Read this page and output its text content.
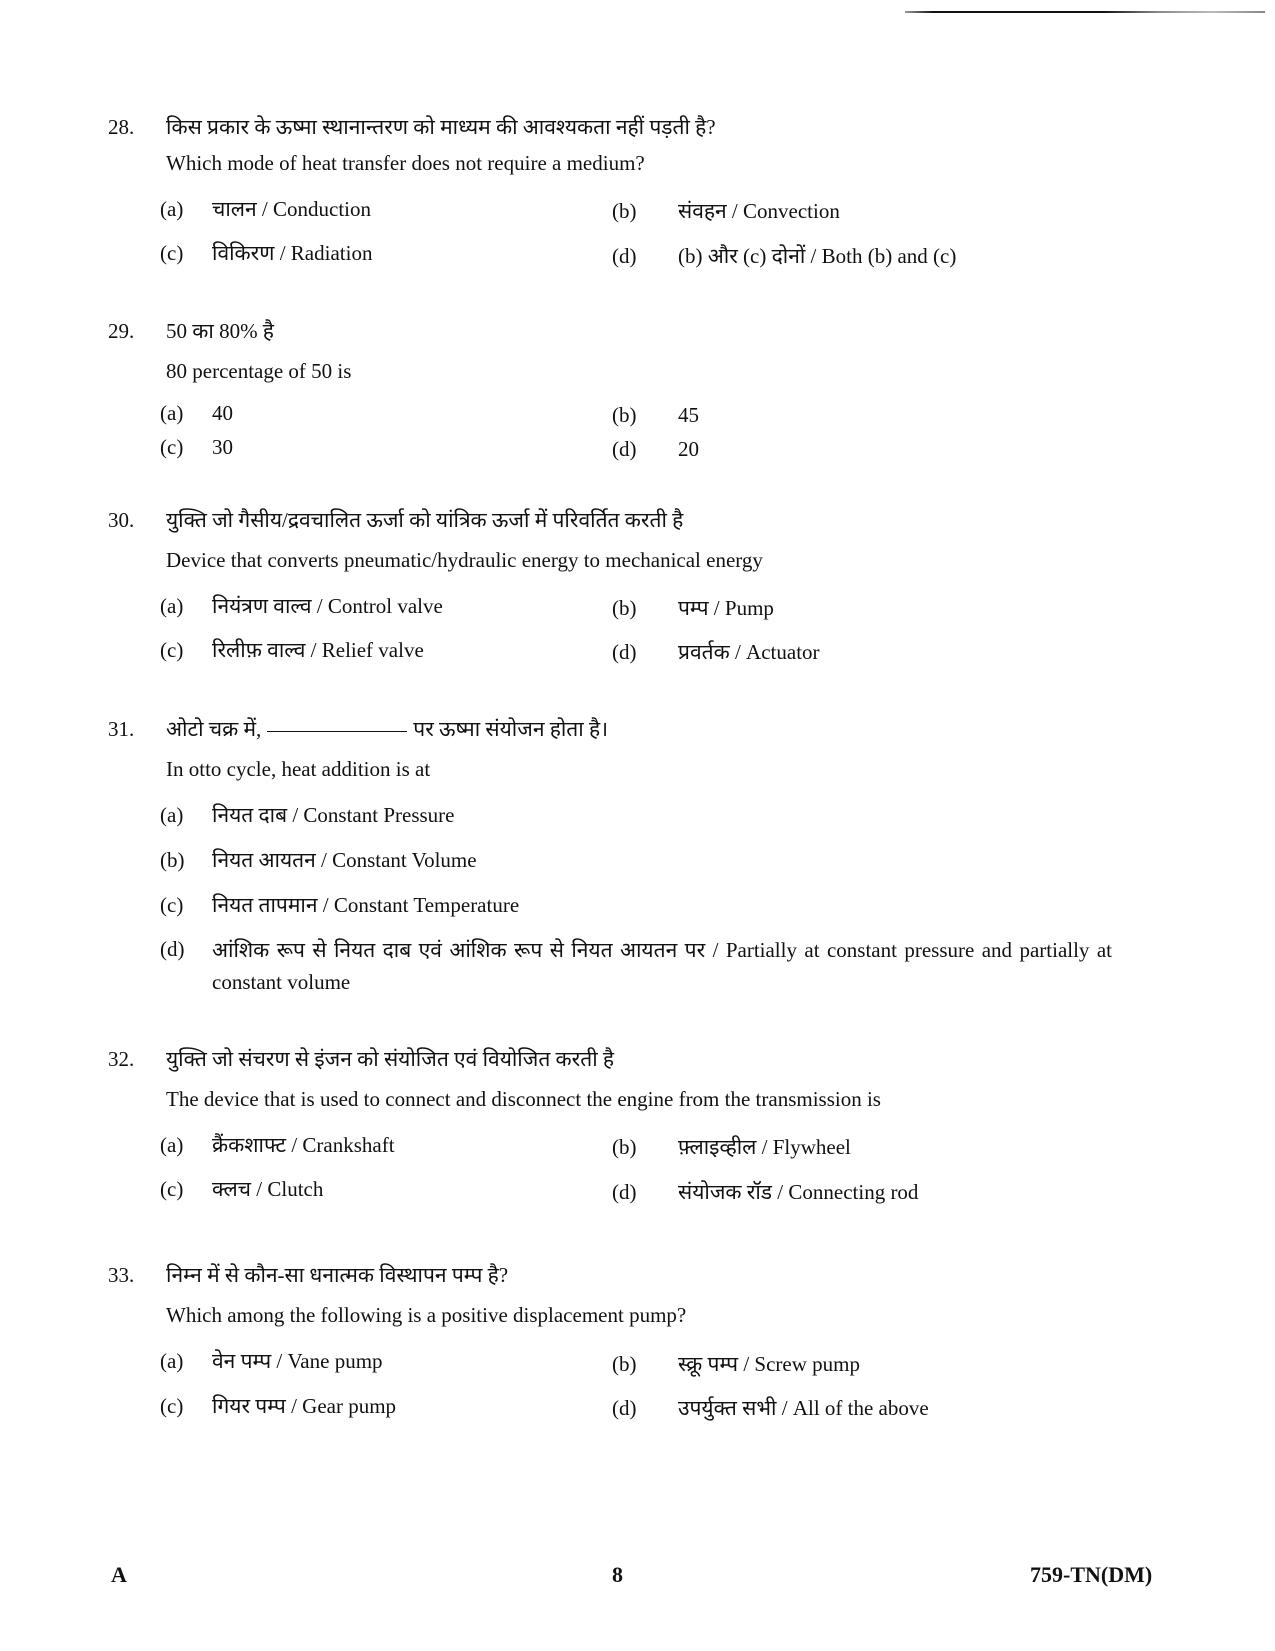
28. किस प्रकार के ऊष्मा स्थानान्तरण को माध्यम की आवश्यकता नहीं पड़ती है?
Which mode of heat transfer does not require a medium?
(a) चालन / Conduction	(b) संवहन / Convection
(c) विकिरण / Radiation	(d) (b) और (c) दोनों / Both (b) and (c)
29. 50 का 80% है
80 percentage of 50 is
(a) 40	(b) 45
(c) 30	(d) 20
30. युक्ति जो गैसीय/द्रवचालित ऊर्जा को यांत्रिक ऊर्जा में परिवर्तित करती है
Device that converts pneumatic/hydraulic energy to mechanical energy
(a) नियंत्रण वाल्व / Control valve	(b) पम्प / Pump
(c) रिलीफ़ वाल्व / Relief valve	(d) प्रवर्तक / Actuator
31. ओटो चक्र में,	पर ऊष्मा संयोजन होता है।
In otto cycle, heat addition is at
(a) नियत दाब / Constant Pressure
(b) नियत आयतन / Constant Volume
(c) नियत तापमान / Constant Temperature
(d)	आंशिक रूप से नियत दाब एवं आंशिक रूप से नियत आयतन पर / Partially at constant pressure and partially at constant volume
32. युक्ति जो संचरण से इंजन को संयोजित एवं वियोजित करती है
The device that is used to connect and disconnect the engine from the transmission is
(a) क्रैंकशाफ्ट / Crankshaft	(b) फ़्लाइव्हील / Flywheel
(c) क्लच / Clutch	(d) संयोजक रॉड / Connecting rod
33. निम्न में से कौन-सा धनात्मक विस्थापन पम्प है?
Which among the following is a positive displacement pump?
(a) वेन पम्प / Vane pump	(b) स्क्रू पम्प / Screw pump
(c) गियर पम्प / Gear pump	(d) उपर्युक्त सभी / All of the above
A	8	759-TN(DM)
